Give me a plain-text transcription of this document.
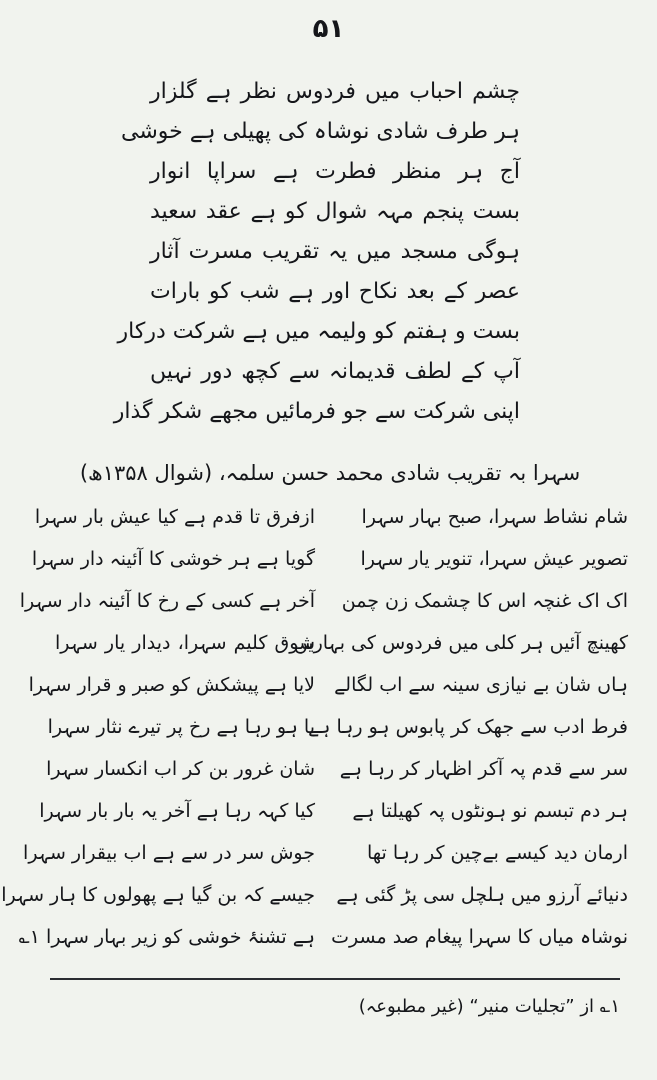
۵۱
چشم احباب میں فردوس نظر ہے گلزار
ہر طرف شادی نوشاہ کی پھیلی ہے خوشی
آج ہر منظر فطرت ہے سراپا انوار
بست پنجم مہہ شوال کو ہے عقد سعید
ہوگی مسجد میں یہ تقریب مسرت آثار
عصر کے بعد نکاح اور ہے شب کو بارات
بست و ہفتم کو ولیمہ میں ہے شرکت درکار
آپ کے لطف قدیمانہ سے کچھ دور نہیں
اپنی شرکت سے جو فرمائیں مجھے شکر گذار
سہرا بہ تقریب شادی محمد حسن سلمہ، (شوال ۱۳۵۸ھ)
شام نشاط سہرا، صبح بہار سہرا
تصویر عیش سہرا، تنویر یار سہرا
اک اک غنچہ اس کا چشمک زن چمن
کھینچ آئیں ہر کلی میں فردوس کی بہاریں
ہاں شان بے نیازی سینہ سے اب لگالے
فرط ادب سے جھک کر پابوس ہو رہا ہے
سر سے قدم پہ آکر اظہار کر رہا ہے
ہر دم تبسم نو ہونٹوں پہ کھیلتا ہے
ارمان دید کیسے بےچین کر رہا تھا
دنیائے آرزو میں ہلچل سی پڑ گئی ہے
نوشاہ میاں کا سہرا پیغام صد مسرت
ازفرق تا قدم ہے کیا عیش بار سہرا
گویا ہے ہر خوشی کا آئینہ دار سہرا
آخر ہے کسی کے رخ کا آئینہ دار سہرا
شوق کلیم سہرا، دیدار یار سہرا
لایا ہے پیشکش کو صبر و قرار سہرا
یا ہو رہا ہے رخ پر تیرے نثار سہرا
شان غرور بن کر اب انکسار سہرا
کیا کہہ رہا ہے آخر یہ بار بار سہرا
جوش سر در سے ہے اب بیقرار سہرا
جیسے کہ بن گیا ہے پھولوں کا ہار سہرا
ہے تشنۂ خوشی کو زیر بہار سہرا ۱؎
۱؎ از ”تجلیات منیر“ (غیر مطبوعہ)
